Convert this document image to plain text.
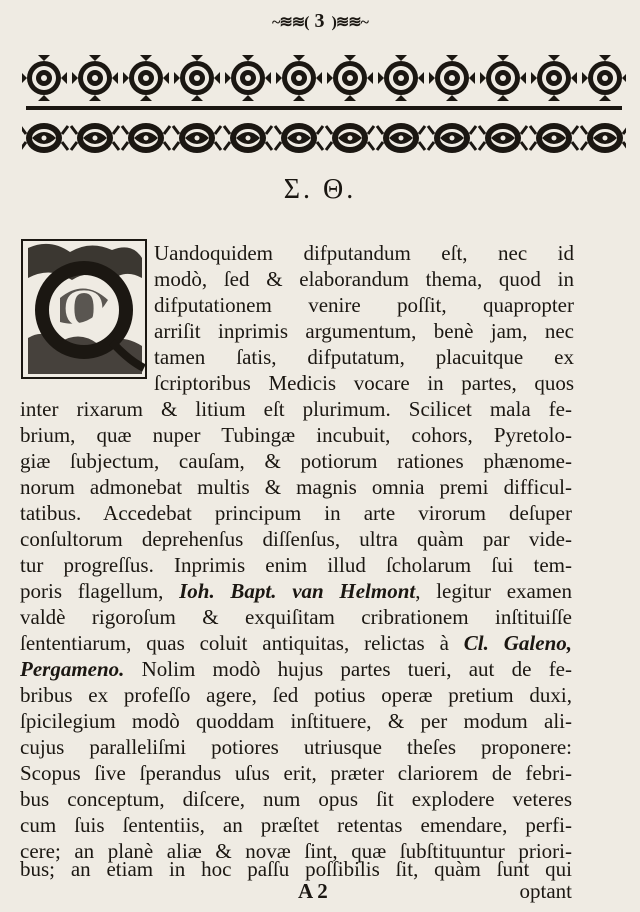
~≋≋( 3 )≋≋~
Σ. Θ.
Q
Uandoquidem difputandum eſt, nec id
modò, ſed & elaborandum thema, quod in
difputationem venire poſſit, quapropter
arriſit inprimis argumentum, benè jam, nec
tamen ſatis, difputatum, placuitque ex
ſcriptoribus Medicis vocare in partes, quos
inter rixarum & litium eſt plurimum. Scilicet mala fe-
brium, quæ nuper Tubingæ incubuit, cohors, Pyretolo-
giæ ſubjectum, cauſam, & potiorum rationes phænome-
norum admonebat multis & magnis omnia premi difficul-
tatibus. Accedebat principum in arte virorum deſuper
conſultorum deprehenſus diſſenſus, ultra quàm par vide-
tur progreſſus. Inprimis enim illud ſcholarum ſui tem-
poris flagellum, Ioh. Bapt. van Helmont, legitur examen
valdè rigoroſum & exquiſitam cribrationem inſtituiſſe
ſententiarum, quas coluit antiquitas, relictas à Cl. Galeno,
Pergameno. Nolim modò hujus partes tueri, aut de fe-
bribus ex profeſſo agere, ſed potius operæ pretium duxi,
ſpicilegium modò quoddam inſtituere, & per modum ali-
cujus paralleliſmi potiores utriusque theſes proponere:
Scopus ſive ſperandus uſus erit, præter clariorem de febri-
bus conceptum, diſcere, num opus ſit explodere veteres
cum ſuis ſententiis, an præſtet retentas emendare, perfi-
cere; an planè aliæ & novæ ſint, quæ ſubſtituuntur priori-
bus; an etiam in hoc paſſu poſſibilis ſit, quàm ſunt qui
A 2	optant
